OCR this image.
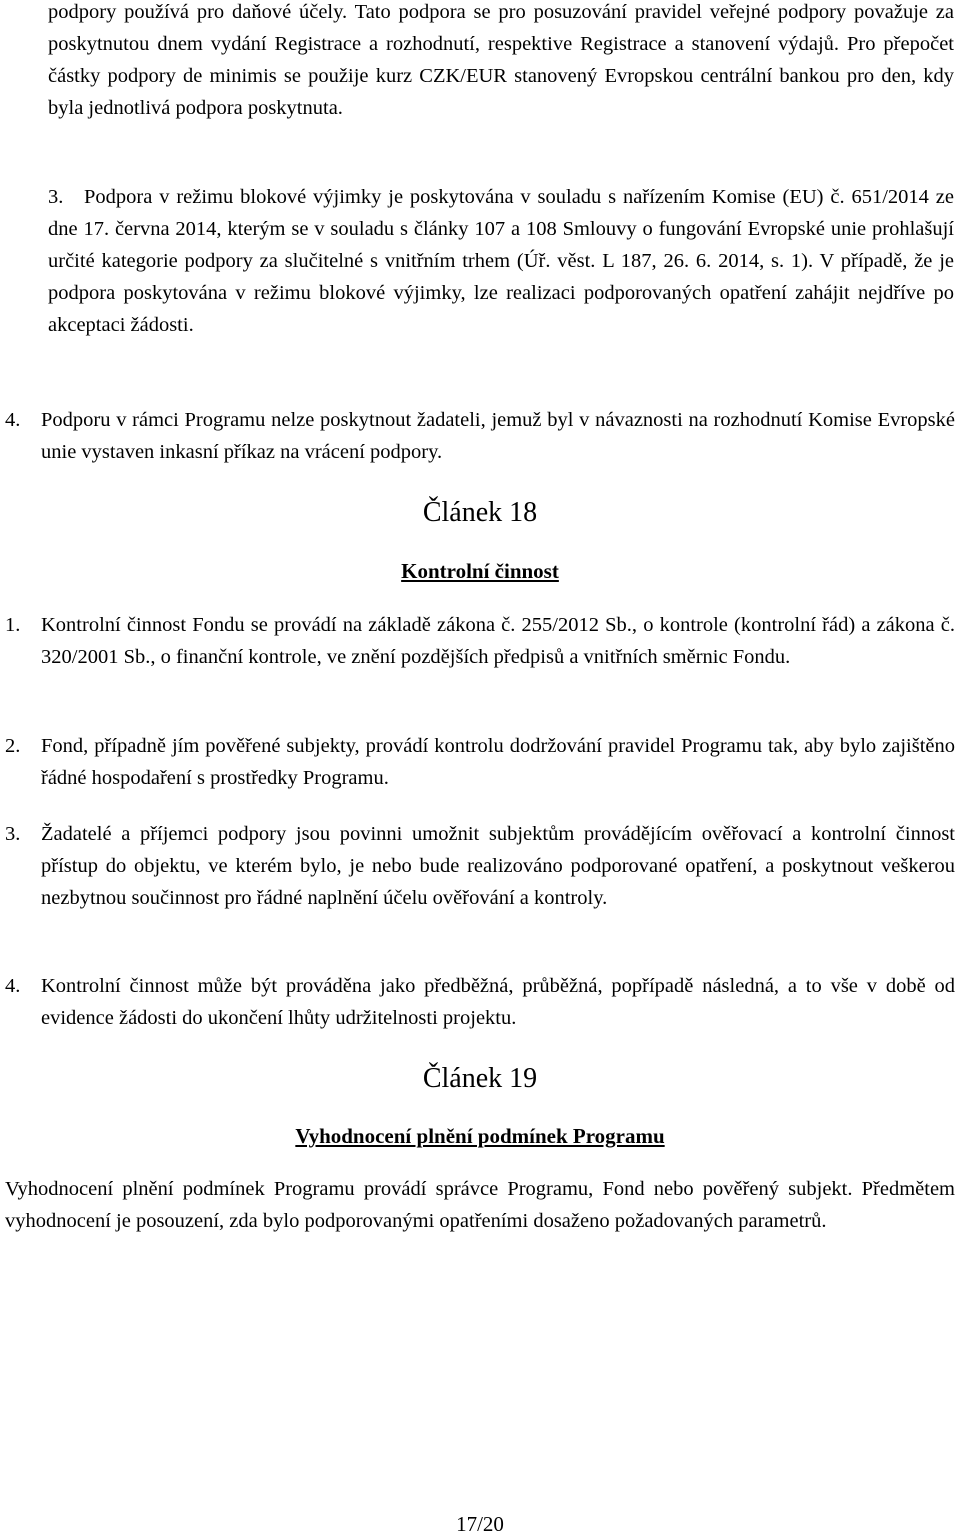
podpory používá pro daňové účely. Tato podpora se pro posuzování pravidel veřejné podpory považuje za poskytnutou dnem vydání Registrace a rozhodnutí, respektive Registrace a stanovení výdajů. Pro přepočet částky podpory de minimis se použije kurz CZK/EUR stanovený Evropskou centrální bankou pro den, kdy byla jednotlivá podpora poskytnuta.

3.   Podpora v režimu blokové výjimky je poskytována v souladu s nařízením Komise (EU) č. 651/2014 ze dne 17. června 2014, kterým se v souladu s články 107 a 108 Smlouvy o fungování Evropské unie prohlašují určité kategorie podpory za slučitelné s vnitřním trhem (Úř. věst. L 187, 26. 6. 2014, s. 1). V případě, že je podpora poskytována v režimu blokové výjimky, lze realizaci podporovaných opatření zahájit nejdříve po akceptaci žádosti.
4.	Podporu v rámci Programu nelze poskytnout žadateli, jemuž byl v návaznosti na rozhodnutí Komise Evropské unie vystaven inkasní příkaz na vrácení podpory.
Článek 18
Kontrolní činnost
1.	Kontrolní činnost Fondu se provádí na základě zákona č. 255/2012 Sb., o kontrole (kontrolní řád) a zákona č. 320/2001 Sb., o finanční kontrole, ve znění pozdějších předpisů a vnitřních směrnic Fondu.
2.	Fond, případně jím pověřené subjekty, provádí kontrolu dodržování pravidel Programu tak, aby bylo zajištěno řádné hospodaření s prostředky Programu.
3.	Žadatelé a příjemci podpory jsou povinni umožnit subjektům provádějícím ověřovací a kontrolní činnost přístup do objektu, ve kterém bylo, je nebo bude realizováno podporované opatření, a poskytnout veškerou nezbytnou součinnost pro řádné naplnění účelu ověřování a kontroly.
4.	Kontrolní činnost může být prováděna jako předběžná, průběžná, popřípadě následná, a to vše v době od evidence žádosti do ukončení lhůty udržitelnosti projektu.
Článek 19
Vyhodnocení plnění podmínek Programu

Vyhodnocení plnění podmínek Programu provádí správce Programu, Fond nebo pověřený subjekt. Předmětem vyhodnocení je posouzení, zda bylo podporovanými opatřeními dosaženo požadovaných parametrů.

17/20
